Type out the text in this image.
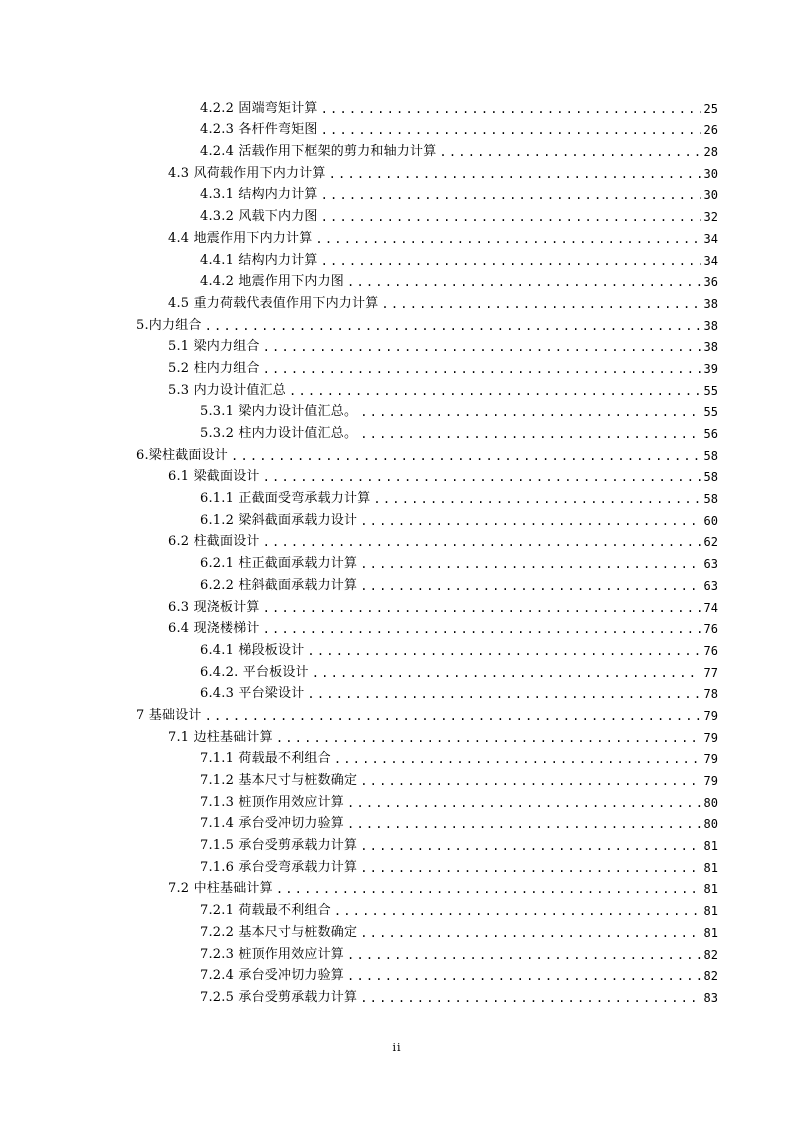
4.2.2 固端弯矩计算 .....	25
4.2.3 各杆件弯矩图 .....	26
4.2.4 活载作用下框架的剪力和轴力计算 .....	28
4.3 风荷载作用下内力计算 .....	30
4.3.1 结构内力计算 .....	30
4.3.2 风载下内力图 .....	32
4.4 地震作用下内力计算 .....	34
4.4.1 结构内力计算 .....	34
4.4.2 地震作用下内力图 .....	36
4.5 重力荷载代表值作用下内力计算 .....	38
5.内力组合 .....	38
5.1 梁内力组合 .....	38
5.2 柱内力组合 .....	39
5.3 内力设计值汇总 .....	55
5.3.1 梁内力设计值汇总。 .....	55
5.3.2 柱内力设计值汇总。 .....	56
6.梁柱截面设计 .....	58
6.1 梁截面设计 .....	58
6.1.1 正截面受弯承载力计算 .....	58
6.1.2 梁斜截面承载力设计 .....	60
6.2 柱截面设计 .....	62
6.2.1 柱正截面承载力计算 .....	63
6.2.2 柱斜截面承载力计算 .....	63
6.3 现浇板计算 .....	74
6.4 现浇楼梯计 .....	76
6.4.1 梯段板设计 .....	76
6.4.2. 平台板设计 .....	77
6.4.3 平台梁设计 .....	78
7 基础设计 .....	79
7.1 边柱基础计算 .....	79
7.1.1 荷载最不利组合 .....	79
7.1.2 基本尺寸与桩数确定 .....	79
7.1.3 桩顶作用效应计算 .....	80
7.1.4 承台受冲切力验算 .....	80
7.1.5 承台受剪承载力计算 .....	81
7.1.6 承台受弯承载力计算 .....	81
7.2 中柱基础计算 .....	81
7.2.1 荷载最不利组合 .....	81
7.2.2 基本尺寸与桩数确定 .....	81
7.2.3 桩顶作用效应计算 .....	82
7.2.4 承台受冲切力验算 .....	82
7.2.5 承台受剪承载力计算 .....	83
ii
